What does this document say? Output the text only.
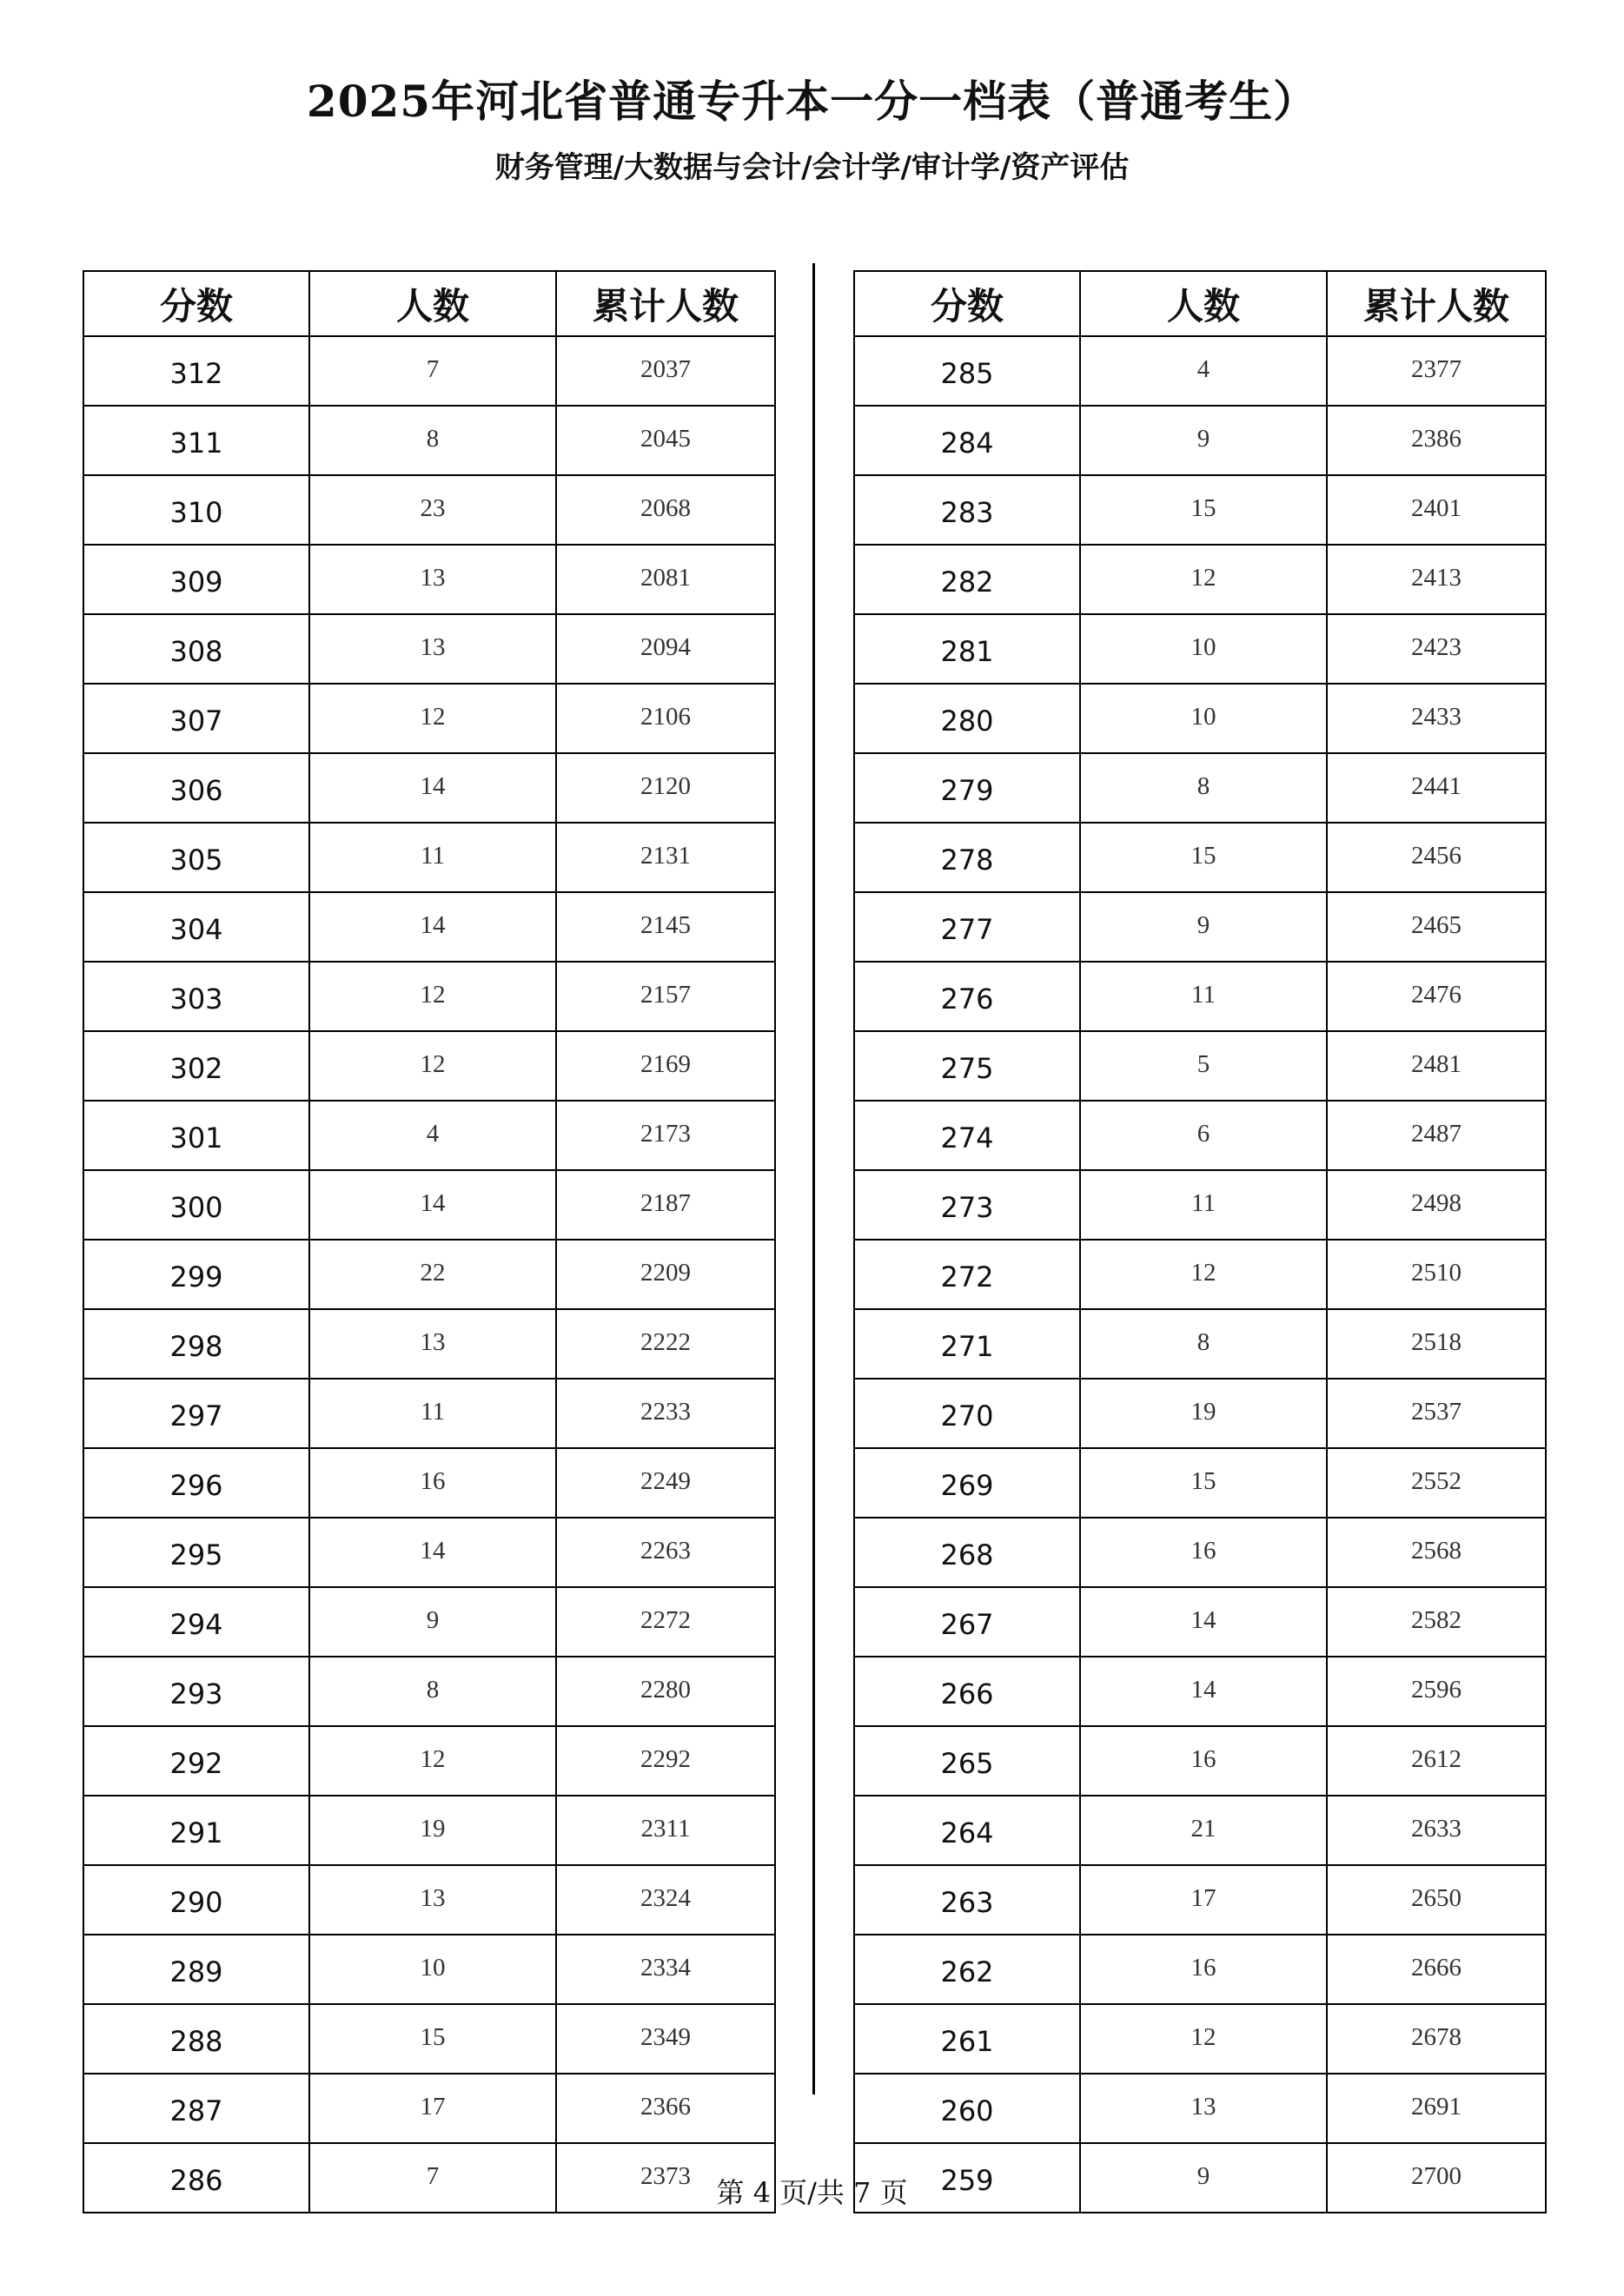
2025年河北省普通专升本一分一档表（普通考生）
财务管理/大数据与会计/会计学/审计学/资产评估
分数	人数	累计人数
312	7	2037
311	8	2045
310	23	2068
309	13	2081
308	13	2094
307	12	2106
306	14	2120
305	11	2131
304	14	2145
303	12	2157
302	12	2169
301	4	2173
300	14	2187
299	22	2209
298	13	2222
297	11	2233
296	16	2249
295	14	2263
294	9	2272
293	8	2280
292	12	2292
291	19	2311
290	13	2324
289	10	2334
288	15	2349
287	17	2366
286	7	2373
分数	人数	累计人数
285	4	2377
284	9	2386
283	15	2401
282	12	2413
281	10	2423
280	10	2433
279	8	2441
278	15	2456
277	9	2465
276	11	2476
275	5	2481
274	6	2487
273	11	2498
272	12	2510
271	8	2518
270	19	2537
269	15	2552
268	16	2568
267	14	2582
266	14	2596
265	16	2612
264	21	2633
263	17	2650
262	16	2666
261	12	2678
260	13	2691
259	9	2700
第 4 页/共 7 页
